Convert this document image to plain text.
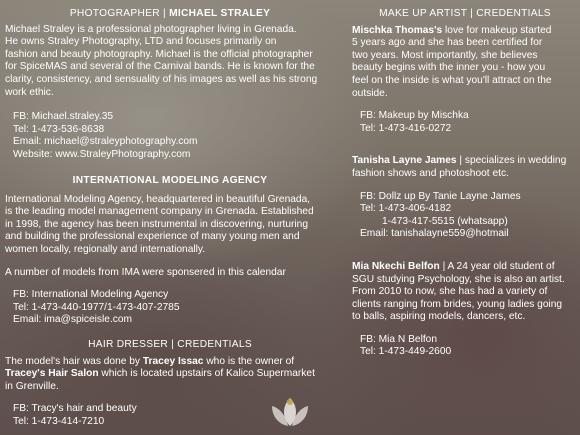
PHOTOGRAPHER | MICHAEL STRALEY

Michael Straley is a professional photographer living in Grenada.

He owns Straley Photography, LTD and focuses primarily on

fashion and beauty photography. Michael is the official photographer

for SpiceMAS and several of the Carnival bands. He is known for the

clarity, consistency, and sensuality of his images as well as his strong

work ethic.

FB: Michael.straley.35

Tel: 1-473-536-8638

Email: michael@straleyphotography.com

Website: www.StraleyPhotography.com

INTERNATIONAL MODELING AGENCY

International Modeling Agency, headquartered in beautiful Grenada,

is the leading model management company in Grenada. Established

in 1998, the agency has been instrumental in discovering, nurturing

and building the professional experience of many young men and

women locally, regionally and internationally.

A number of models from IMA were sponsered in this calendar

FB: International Modeling Agency

Tel: 1-473-440-1977/1-473-407-2785

Email: ima@spiceisle.com

HAIR DRESSER | CREDENTIALS

The model's hair was done by Tracey Issac who is the owner of

Tracey's Hair Salon which is located upstairs of Kalico Supermarket

in Grenville.

FB: Tracy's hair and beauty

Tel: 1-473-414-7210

MAKE UP ARTIST | CREDENTIALS

Mischka Thomas's love for makeup started

5 years ago and she has been certified for

two years. Most importantly, she believes

beauty begins with the inner you - how you

feel on the inside is what you'll attract on the

outside.

FB: Makeup by Mischka

Tel: 1-473-416-0272

Tanisha Layne James | specializes in wedding

fashion shows and photoshoot etc.

FB: Dollz up By Tanie Layne James

Tel: 1-473-406-4182

1-473-417-5515 (whatsapp)

Email: tanishalayne559@hotmail

Mia Nkechi Belfon | A 24 year old student of

SGU studying Psychology, she is also an artist.

From 2010 to now, she has had a variety of

clients ranging from brides, young ladies going

to balls, aspiring models, dancers, etc.

FB: Mia N Belfon

Tel: 1-473-449-2600
